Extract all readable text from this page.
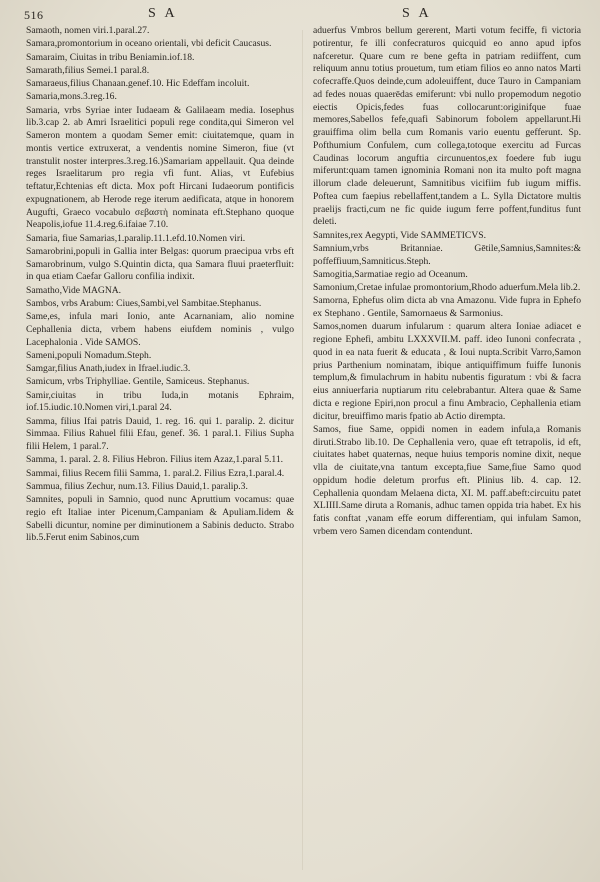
516	S A	S A

Samaoth, nomen viri.1.paral.27.

Samara,promontorium in oceano orientali, vbi deficit Caucasus.

Samaraim, Ciuitas in tribu Beniamin.iof.18.

Samarath,filius Semei.1 paral.8.

Samaraeus,filius Chanaan.genef.10. Hic Edeffam incoluit.

Samaria,mons.3.reg.16.

Samaria, vrbs Syriae inter Iudaeam & Galilaeam media. Iosephus lib.3.cap 2. ab Amri Israelitici populi rege condita,qui Simeron vel Sameron montem a quodam Semer emit: ciuitatemque, quam in montis vertice extruxerat, a vendentis nomine Simeron, fiue (vt transtulit noster interpres.3.reg.16.)Samariam appellauit. Qua deinde reges Israelitarum pro regia vfi funt. Alias, vt Eufebius teftatur,Echtenias eft dicta. Mox poft Hircani Iudaeorum pontificis expugnationem, ab Herode rege iterum aedificata, atque in honorem Augufti, Graeco vocabulo σεβαστὴ nominata eft.Stephano quoque Neapolis,iofue 11.4.reg.6.ifaiae 7.10.

Samaria, fiue Samarias,1.paralip.11.1.efd.10.Nomen viri.

Samarobrini,populi in Gallia inter Belgas: quorum praecipua vrbs eft Samarobrinum, vulgo S.Quintin dicta, qua Samara fluui praeterfluit: in qua etiam Caefar Galloru confilia indixit.

Samatho,Vide MAGNA.

Sambos, vrbs Arabum: Ciues,Sambi,vel Sambitae.Stephanus.

Same,es, infula mari Ionio, ante Acarnaniam, alio nomine Cephallenia dicta, vrbem habens eiufdem nominis , vulgo Lacephalonia . Vide SAMOS.

Sameni,populi Nomadum.Steph.

Samgar,filius Anath,iudex in Ifrael.iudic.3.

Samicum, vrbs Triphylliae. Gentile, Samiceus. Stephanus.

Samir,ciuitas in tribu Iuda,in motanis Ephraim, iof.15.iudic.10.Nomen viri,1.paral 24.

Samma, filius Ifai patris Dauid, 1. reg. 16. qui 1. paralip. 2. dicitur Simmaa. Filius Rahuel filii Efau, genef. 36. 1 paral.1. Filius Supha filii Helem, 1 paral.7.

Samma, 1. paral. 2. 8. Filius Hebron. Filius item Azaz,1.paral 5.11.

Sammai, filius Recem filii Samma, 1. paral.2. Filius Ezra,1.paral.4.

Sammua, filius Zechur, num.13. Filius Dauid,1. paralip.3.

Samnites, populi in Samnio, quod nunc Apruttium vocamus: quae regio eft Italiae inter Picenum,Campaniam & Apuliam.Iidem & Sabelli dicuntur, nomine per diminutionem a Sabinis deducto. Strabo lib.5.Ferut enim Sabinos,cum

aduerfus Vmbros bellum gererent, Marti votum feciffe, fi victoria potirentur, fe illi confecraturos quicquid eo anno apud ipfos nafceretur. Quare cum re bene gefta in patriam rediiffent, cum reliquum annu totius prouetum, tum etiam filios eo anno natos Marti cofecraffe.Quos deinde,cum adoleuiffent, duce Tauro in Campaniam ad fedes nouas quaerēdas emiferunt: vbi nullo propemodum negotio eiectis Opicis,fedes fuas collocarunt:originifque fuae memores,Sabellos fefe,quafi Sabinorum fobolem appellarunt.Hi grauiffima olim bella cum Romanis vario euentu gefferunt. Sp. Pofthumium Confulem, cum collega,totoque exercitu ad Furcas Caudinas locorum anguftia circunuentos,ex foedere fub iugu miferunt:quam tamen ignominia Romani non ita multo poft magna illorum clade deleuerunt, Samnitibus vicifiim fub iugum miffis. Poftea cum faepius rebellaffent,tandem a L. Sylla Dictatore multis praelijs fracti,cum ne fic quide iugum ferre poffent,funditus funt deleti.

Samnites,rex Aegypti, Vide SAMMETICVS.

Samnium,vrbs Britanniae. Gētile,Samnius,Samnites:& poffeffiuum,Samniticus.Steph.

Samogitia,Sarmatiae regio ad Oceanum.

Samonium,Cretae infulae promontorium,Rhodo aduerfum.Mela lib.2.

Samorna, Ephefus olim dicta ab vna Amazonu. Vide fupra in Ephefo ex Stephano . Gentile, Samornaeus & Sarmonius.

Samos,nomen duarum infularum : quarum altera Ioniae adiacet e regione Ephefi, ambitu LXXXVII.M. paff. ideo Iunoni confecrata , quod in ea nata fuerit & educata , & Ioui nupta.Scribit Varro,Samon prius Parthenium nominatam, ibique antiquiffimum fuiffe Iunonis templum,& fimulachrum in habitu nubentis figuratum : vbi & facra eius anniuerfaria nuptiarum ritu celebrabantur. Altera quae & Same dicta e regione Epiri,non procul a finu Ambracio, Cephallenia etiam dicitur, breuiffimo maris fpatio ab Actio dirempta.

Samos, fiue Same, oppidi nomen in eadem infula,a Romanis diruti.Strabo lib.10. De Cephallenia vero, quae eft tetrapolis, id eft, ciuitates habet quaternas, neque huius temporis nomine dixit, neque vlla de ciuitate,vna tantum excepta,fiue Same,fiue Samo quod oppidum hodie deletum prorfus eft. Plinius lib. 4. cap. 12. Cephallenia quondam Melaena dicta, XI. M. paff.abeft:circuitu patet XLIIII.Same diruta a Romanis, adhuc tamen oppida tria habet. Ex his fatis conftat ,vanam effe eorum differentiam, qui infulam Samon, vrbem vero Samen dicendam contendunt.
